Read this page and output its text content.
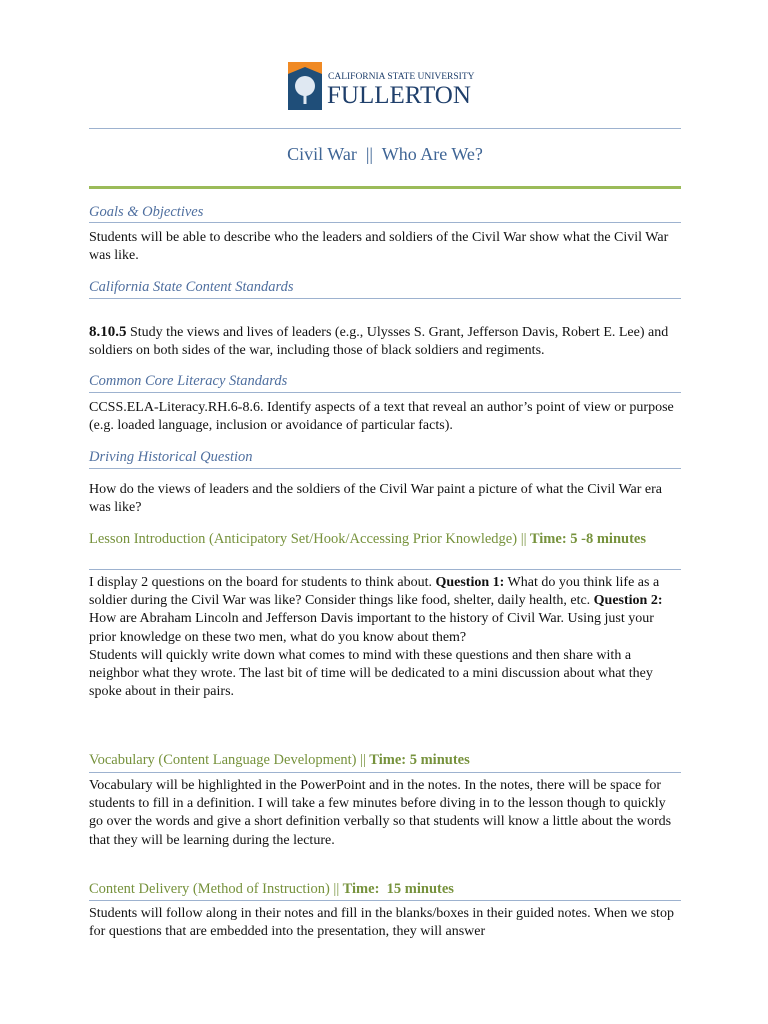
CALIFORNIA STATE UNIVERSITY
FULLERTON
Civil War  ||  Who Are We?
Goals & Objectives
Students will be able to describe who the leaders and soldiers of the Civil War show what the Civil War was like.
California State Content Standards
8.10.5 Study the views and lives of leaders (e.g., Ulysses S. Grant, Jefferson Davis, Robert E. Lee) and soldiers on both sides of the war, including those of black soldiers and regiments.
Common Core Literacy Standards
CCSS.ELA-Literacy.RH.6-8.6. Identify aspects of a text that reveal an author’s point of view or purpose (e.g. loaded language, inclusion or avoidance of particular facts).
Driving Historical Question
How do the views of leaders and the soldiers of the Civil War paint a picture of what the Civil War era was like?
Lesson Introduction (Anticipatory Set/Hook/Accessing Prior Knowledge) || Time: 5 -8 minutes

I display 2 questions on the board for students to think about. Question 1: What do you think life as a soldier during the Civil War was like? Consider things like food, shelter, daily health, etc. Question 2: How are Abraham Lincoln and Jefferson Davis important to the history of Civil War. Using just your prior knowledge on these two men, what do you know about them?

Students will quickly write down what comes to mind with these questions and then share with a neighbor what they wrote. The last bit of time will be dedicated to a mini discussion about what they spoke about in their pairs.

Vocabulary (Content Language Development) || Time: 5 minutes
Vocabulary will be highlighted in the PowerPoint and in the notes. In the notes, there will be space for students to fill in a definition. I will take a few minutes before diving in to the lesson though to quickly go over the words and give a short definition verbally so that students will know a little about the words that they will be learning during the lecture.
Content Delivery (Method of Instruction) || Time:  15 minutes
Students will follow along in their notes and fill in the blanks/boxes in their guided notes. When we stop for questions that are embedded into the presentation, they will answer
